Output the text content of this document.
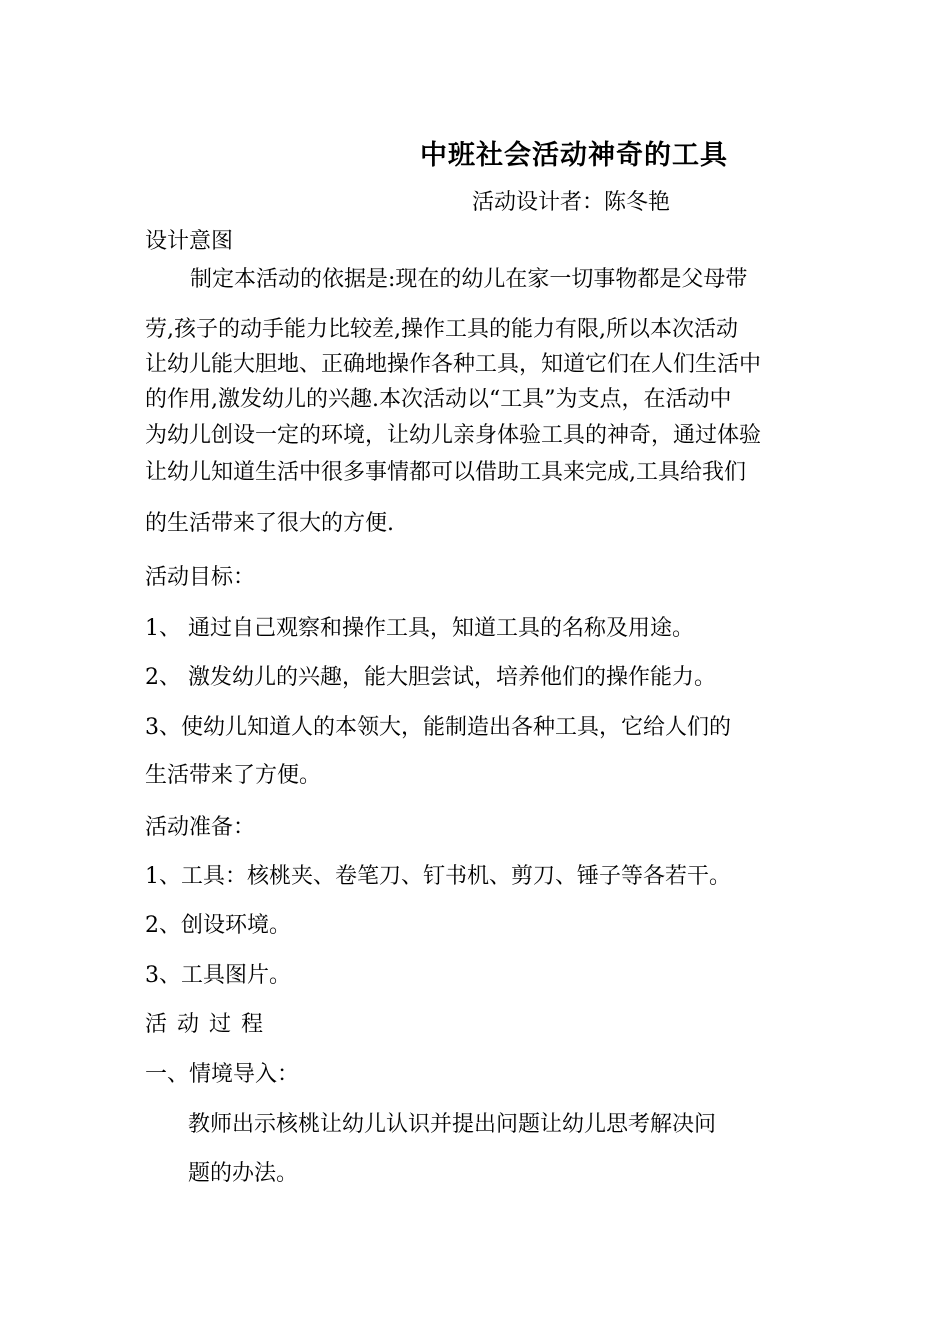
中班社会活动神奇的工具
活动设计者：陈冬艳
设计意图
制定本活动的依据是:现在的幼儿在家一切事物都是父母带
劳,孩子的动手能力比较差,操作工具的能力有限,所以本次活动
让幼儿能大胆地、正确地操作各种工具，知道它们在人们生活中
的作用,激发幼儿的兴趣.本次活动以“工具”为支点，在活动中
为幼儿创设一定的环境，让幼儿亲身体验工具的神奇，通过体验
让幼儿知道生活中很多事情都可以借助工具来完成,工具给我们
的生活带来了很大的方便.
活动目标：
1、 通过自己观察和操作工具，知道工具的名称及用途。
2、 激发幼儿的兴趣，能大胆尝试，培养他们的操作能力。
3、使幼儿知道人的本领大，能制造出各种工具，它给人们的
生活带来了方便。
活动准备：
1、工具：核桃夹、卷笔刀、钉书机、剪刀、锤子等各若干。
2、创设环境。
3、工具图片。
活动过程
一、情境导入：
教师出示核桃让幼儿认识并提出问题让幼儿思考解决问
题的办法。
